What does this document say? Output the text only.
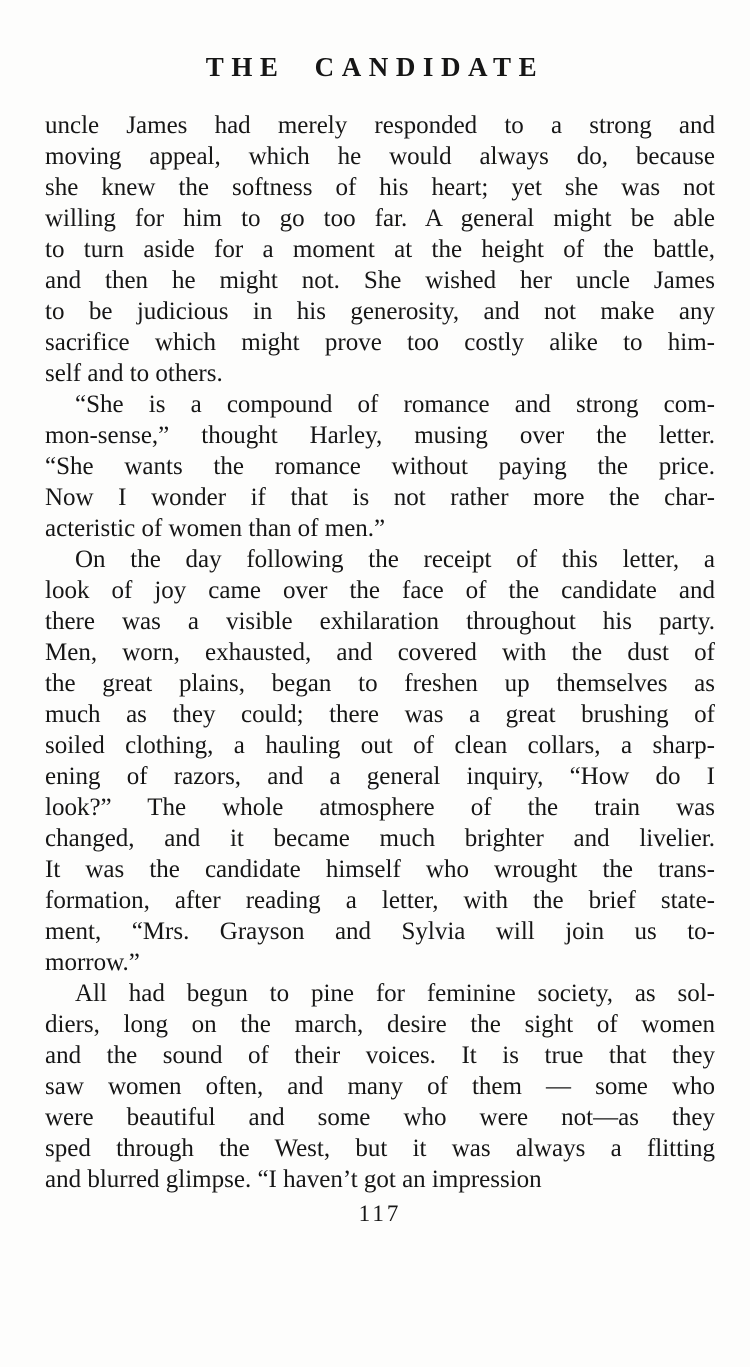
THE CANDIDATE
uncle James had merely responded to a strong and
moving appeal, which he would always do, because
she knew the softness of his heart; yet she was not
willing for him to go too far. A general might be able
to turn aside for a moment at the height of the battle,
and then he might not. She wished her uncle James
to be judicious in his generosity, and not make any
sacrifice which might prove too costly alike to him-
self and to others.
“She is a compound of romance and strong com-
mon-sense,” thought Harley, musing over the letter.
“She wants the romance without paying the price.
Now I wonder if that is not rather more the char-
acteristic of women than of men.”
On the day following the receipt of this letter, a
look of joy came over the face of the candidate and
there was a visible exhilaration throughout his party.
Men, worn, exhausted, and covered with the dust of
the great plains, began to freshen up themselves as
much as they could; there was a great brushing of
soiled clothing, a hauling out of clean collars, a sharp-
ening of razors, and a general inquiry, “How do I
look?” The whole atmosphere of the train was
changed, and it became much brighter and livelier.
It was the candidate himself who wrought the trans-
formation, after reading a letter, with the brief state-
ment, “Mrs. Grayson and Sylvia will join us to-
morrow.”
All had begun to pine for feminine society, as sol-
diers, long on the march, desire the sight of women
and the sound of their voices. It is true that they
saw women often, and many of them — some who
were beautiful and some who were not—as they
sped through the West, but it was always a flitting
and blurred glimpse. “I haven’t got an impression
117
